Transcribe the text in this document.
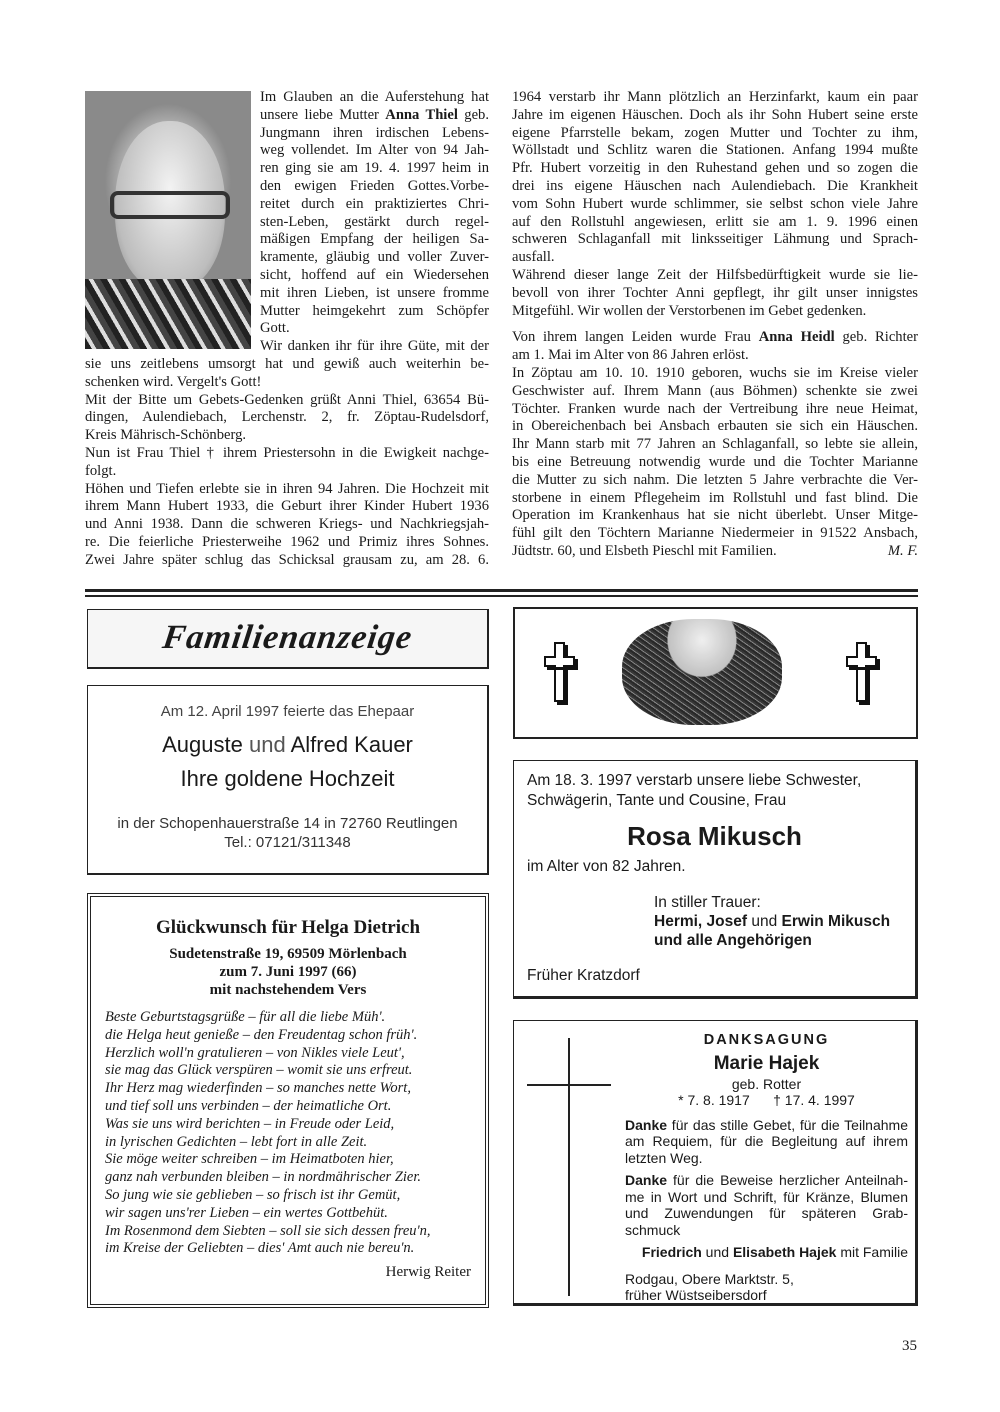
Im Glauben an die Auferstehung hat
unsere liebe Mutter Anna Thiel geb.
Jungmann ihren irdischen Lebens-
weg vollendet. Im Alter von 94 Jah-
ren ging sie am 19. 4. 1997 heim in
den ewigen Frieden Gottes.Vorbe-
reitet durch ein praktiziertes Chri-
sten-Leben, gestärkt durch regel-
mäßigen Empfang der heiligen Sa-
kramente, gläubig und voller Zuver-
sicht, hoffend auf ein Wiedersehen
mit ihren Lieben, ist unsere fromme
Mutter heimgekehrt zum Schöpfer
Gott.
Wir danken ihr für ihre Güte, mit der
sie uns zeitlebens umsorgt hat und gewiß auch weiterhin be-
schenken wird. Vergelt's Gott!
Mit der Bitte um Gebets-Gedenken grüßt Anni Thiel, 63654 Bü-
dingen, Aulendiebach, Lerchenstr. 2, fr. Zöptau-Rudelsdorf,
Kreis Mährisch-Schönberg.
Nun ist Frau Thiel † ihrem Priestersohn in die Ewigkeit nachge-
folgt.
Höhen und Tiefen erlebte sie in ihren 94 Jahren. Die Hochzeit mit
ihrem Mann Hubert 1933, die Geburt ihrer Kinder Hubert 1936
und Anni 1938. Dann die schweren Kriegs- und Nachkriegsjah-
re. Die feierliche Priesterweihe 1962 und Primiz ihres Sohnes.
Zwei Jahre später schlug das Schicksal grausam zu, am 28. 6.
1964 verstarb ihr Mann plötzlich an Herzinfarkt, kaum ein paar
Jahre im eigenen Häuschen. Doch als ihr Sohn Hubert seine erste
eigene Pfarrstelle bekam, zogen Mutter und Tochter zu ihm,
Wöllstadt und Schlitz waren die Stationen. Anfang 1994 mußte
Pfr. Hubert vorzeitig in den Ruhestand gehen und so zogen die
drei ins eigene Häuschen nach Aulendiebach. Die Krankheit
vom Sohn Hubert wurde schlimmer, sie selbst schon viele Jahre
auf den Rollstuhl angewiesen, erlitt sie am 1. 9. 1996 einen
schweren Schlaganfall mit linksseitiger Lähmung und Sprach-
ausfall.
Während dieser lange Zeit der Hilfsbedürftigkeit wurde sie lie-
bevoll von ihrer Tochter Anni gepflegt, ihr gilt unser innigstes
Mitgefühl. Wir wollen der Verstorbenen im Gebet gedenken.
Von ihrem langen Leiden wurde Frau Anna Heidl geb. Richter
am 1. Mai im Alter von 86 Jahren erlöst.
In Zöptau am 10. 10. 1910 geboren, wuchs sie im Kreise vieler
Geschwister auf. Ihrem Mann (aus Böhmen) schenkte sie zwei
Töchter. Franken wurde nach der Vertreibung ihre neue Heimat,
in Obereichenbach bei Ansbach erbauten sie sich ein Häuschen.
Ihr Mann starb mit 77 Jahren an Schlaganfall, so lebte sie allein,
bis eine Betreuung notwendig wurde und die Tochter Marianne
die Mutter zu sich nahm. Die letzten 5 Jahre verbrachte die Ver-
storbene in einem Pflegeheim im Rollstuhl und fast blind. Die
Operation im Krankenhaus hat sie nicht überlebt. Unser Mitge-
fühl gilt den Töchtern Marianne Niedermeier in 91522 Ansbach,
Jüdtstr. 60, und Elsbeth Pieschl mit Familien.	M. F.
Familienanzeige
Am 12. April 1997 feierte das Ehepaar
Auguste und Alfred Kauer
Ihre goldene Hochzeit
in der Schopenhauerstraße 14 in 72760 Reutlingen
Tel.: 07121/311348
Glückwunsch für Helga Dietrich
Sudetenstraße 19, 69509 Mörlenbach
zum 7. Juni 1997 (66)
mit nachstehendem Vers
Beste Geburtstagsgrüße – für all die liebe Müh'.
die Helga heut genieße – den Freudentag schon früh'.
Herzlich woll'n gratulieren – von Nikles viele Leut',
sie mag das Glück verspüren – womit sie uns erfreut.
Ihr Herz mag wiederfinden – so manches nette Wort,
und tief soll uns verbinden – der heimatliche Ort.
Was sie uns wird berichten – in Freude oder Leid,
in lyrischen Gedichten – lebt fort in alle Zeit.
Sie möge weiter schreiben – im Heimatboten hier,
ganz nah verbunden bleiben – in nordmährischer Zier.
So jung wie sie geblieben – so frisch ist ihr Gemüt,
wir sagen uns'rer Lieben – ein wertes Gottbehüt.
Im Rosenmond dem Siebten – soll sie sich dessen freu'n,
im Kreise der Geliebten – dies' Amt auch nie bereu'n.
Herwig Reiter
Am 18. 3. 1997 verstarb unsere liebe Schwester,
Schwägerin, Tante und Cousine, Frau
Rosa Mikusch
im Alter von 82 Jahren.
In stiller Trauer:
Hermi, Josef und Erwin Mikusch
und alle Angehörigen
Früher Kratzdorf
DANKSAGUNG
Marie Hajek
geb. Rotter
* 7. 8. 1917 † 17. 4. 1997
Danke für das stille Gebet, für die Teilnahme
am Requiem, für die Begleitung auf ihrem
letzten Weg.
Danke für die Beweise herzlicher Anteilnah-
me in Wort und Schrift, für Kränze, Blumen
und Zuwendungen für späteren Grab-
schmuck
Friedrich und Elisabeth Hajek mit Familie
Rodgau, Obere Marktstr. 5,
früher Wüstseibersdorf
35
